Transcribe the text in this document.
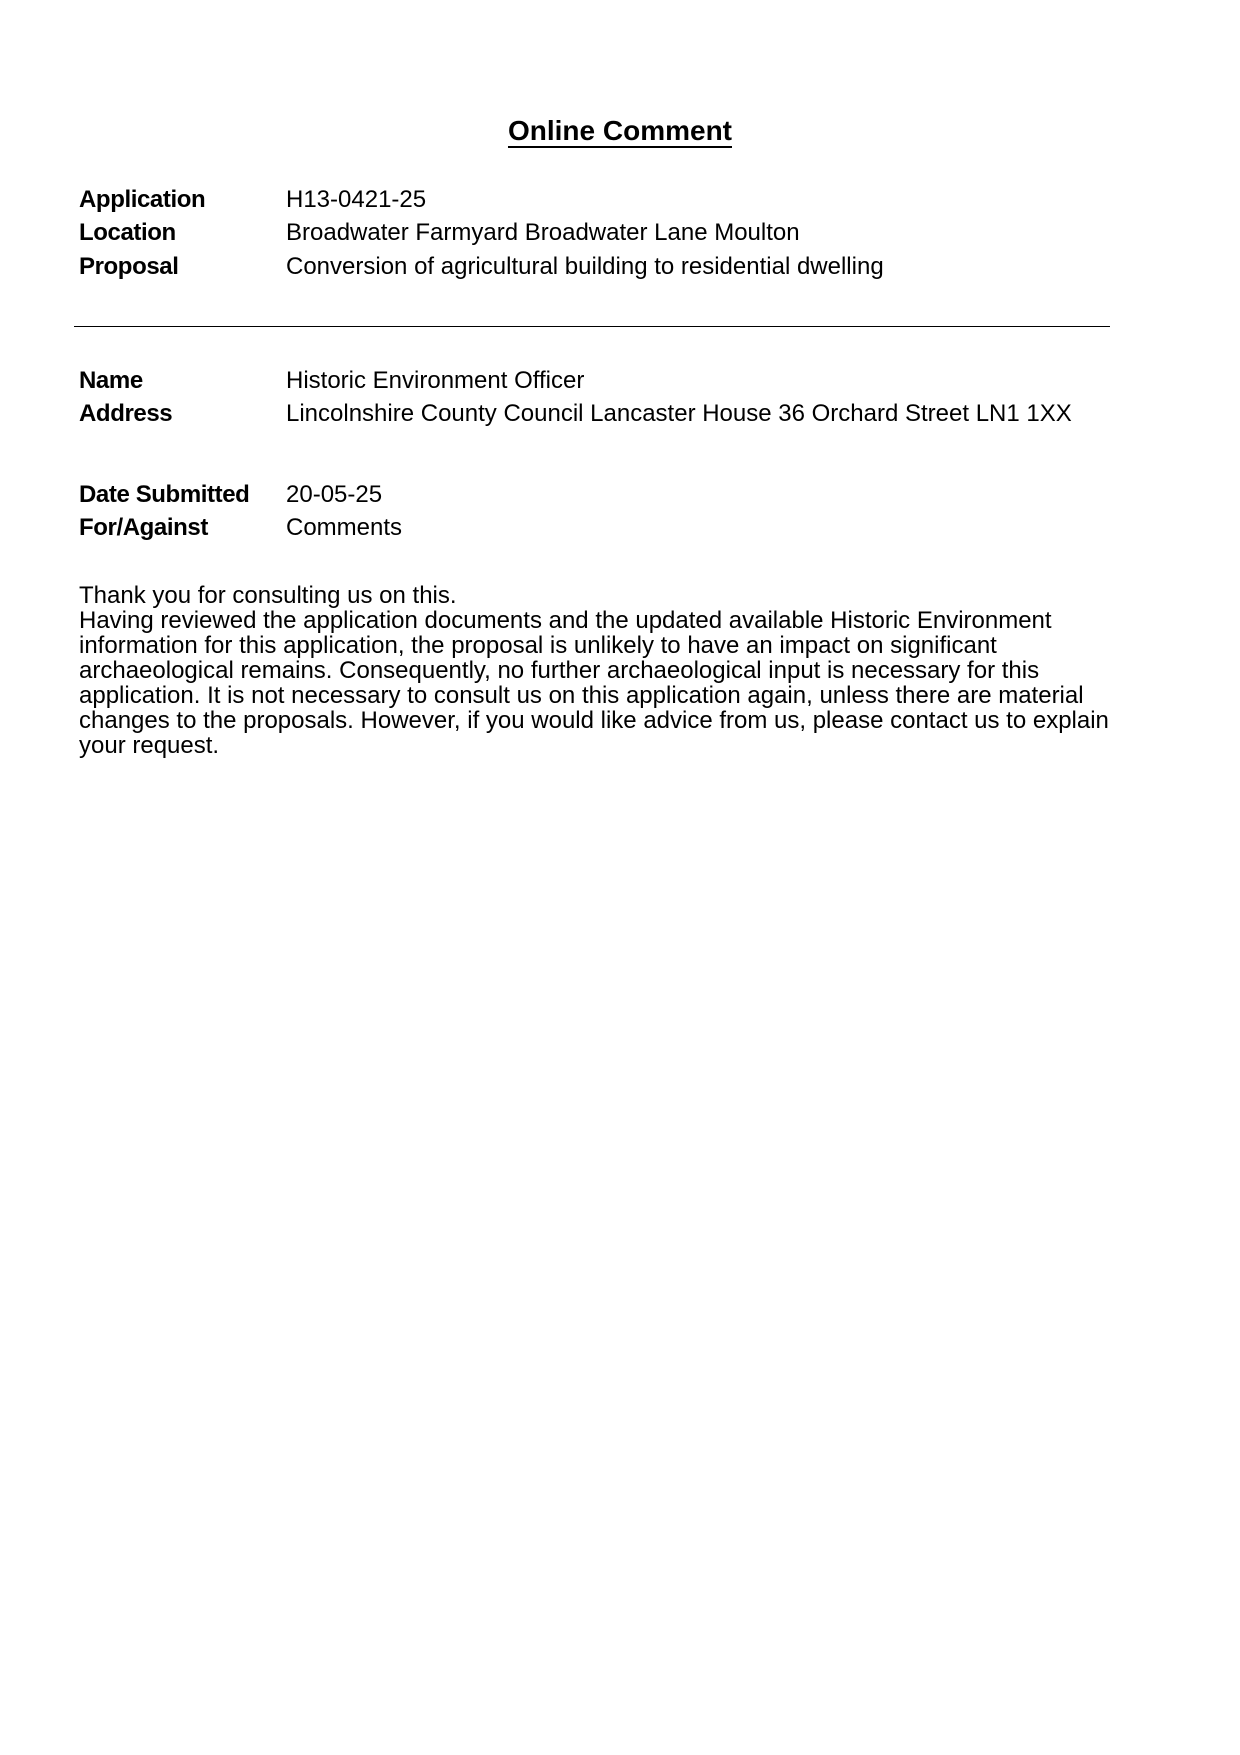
Online Comment
Application	H13-0421-25
Location	Broadwater Farmyard Broadwater Lane Moulton
Proposal	Conversion of agricultural building to residential dwelling
Name	Historic Environment Officer
Address	Lincolnshire County Council Lancaster House 36 Orchard Street LN1 1XX
Date Submitted 20-05-25
For/Against	Comments

Thank you for consulting us on this.

Having reviewed the application documents and the updated available Historic Environment information for this application, the proposal is unlikely to have an impact on significant archaeological remains. Consequently, no further archaeological input is necessary for this application. It is not necessary to consult us on this application again, unless there are material changes to the proposals. However, if you would like advice from us, please contact us to explain your request.
